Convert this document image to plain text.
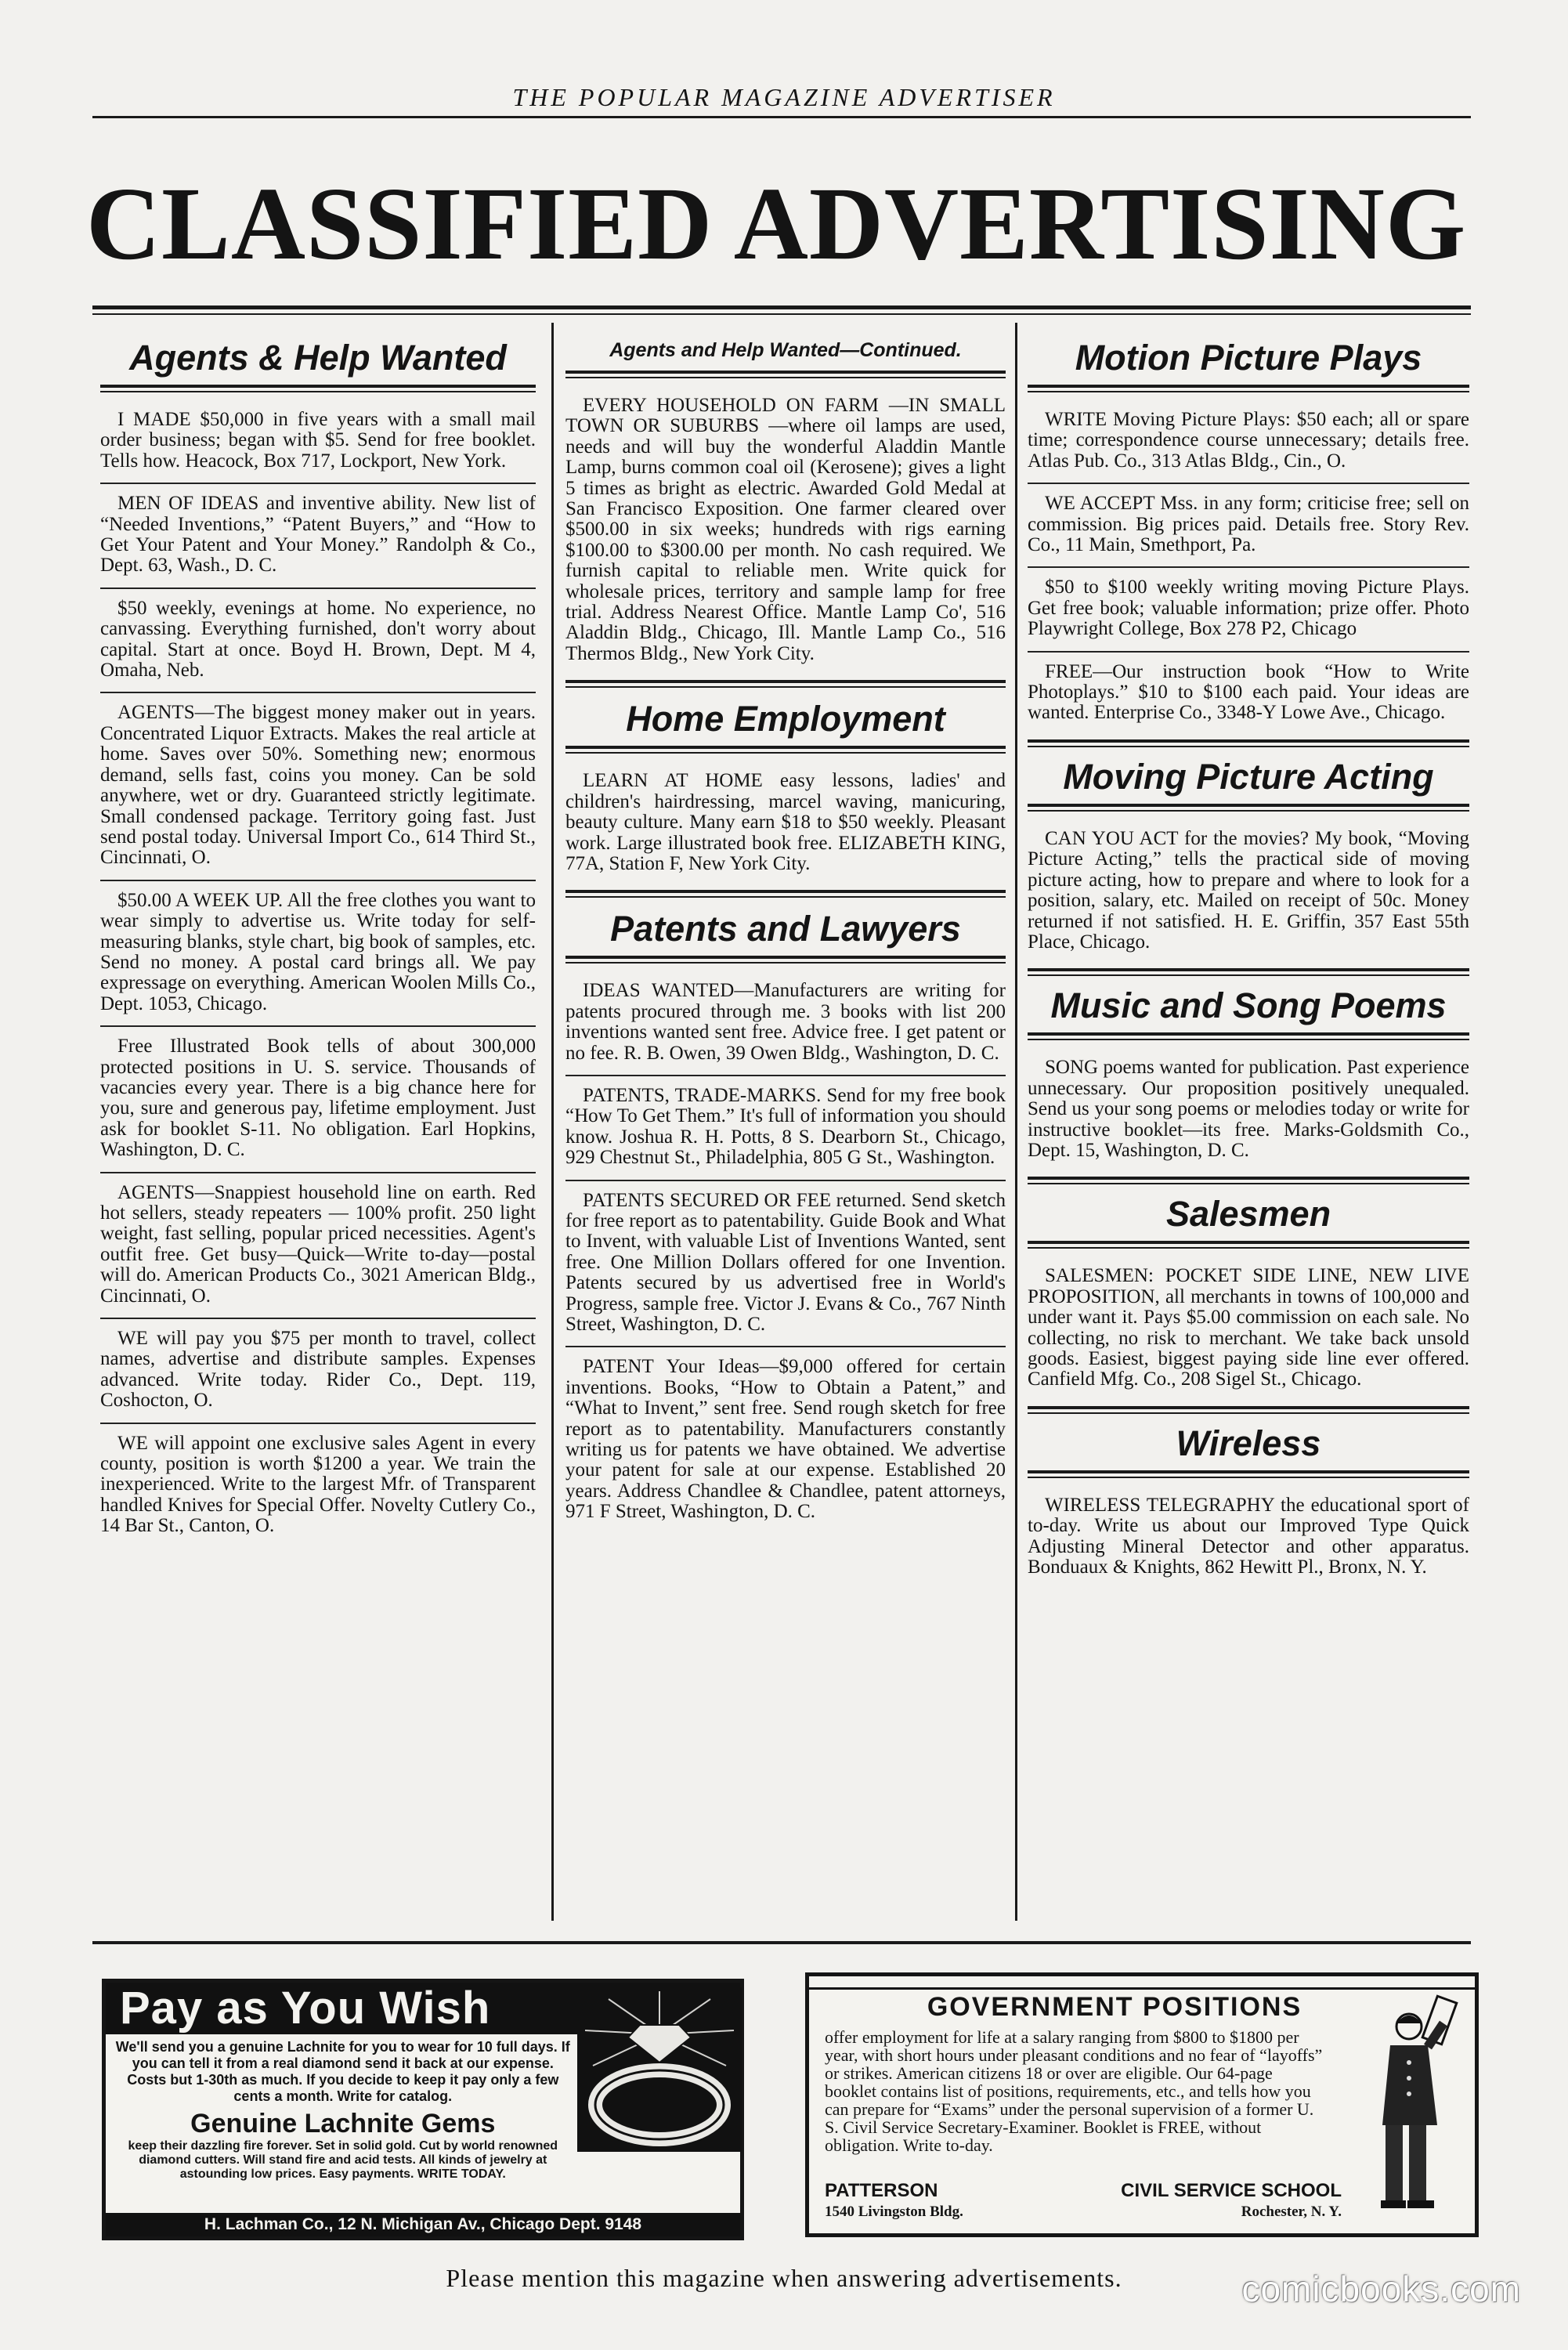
THE POPULAR MAGAZINE ADVERTISER
CLASSIFIED ADVERTISING
Agents & Help Wanted
I MADE $50,000 in five years with a small mail order business; began with $5. Send for free booklet. Tells how. Heacock, Box 717, Lockport, New York.
MEN OF IDEAS and inventive ability. New list of “Needed Inventions,” “Patent Buyers,” and “How to Get Your Patent and Your Money.” Randolph & Co., Dept. 63, Wash., D. C.
$50 weekly, evenings at home. No experience, no canvassing. Everything furnished, don't worry about capital. Start at once. Boyd H. Brown, Dept. M 4, Omaha, Neb.
AGENTS—The biggest money maker out in years. Concentrated Liquor Extracts. Makes the real article at home. Saves over 50%. Something new; enormous demand, sells fast, coins you money. Can be sold anywhere, wet or dry. Guaranteed strictly legitimate. Small condensed package. Territory going fast. Just send postal today. Universal Import Co., 614 Third St., Cincinnati, O.
$50.00 A WEEK UP. All the free clothes you want to wear simply to advertise us. Write today for self-measuring blanks, style chart, big book of samples, etc. Send no money. A postal card brings all. We pay expressage on everything. American Woolen Mills Co., Dept. 1053, Chicago.
Free Illustrated Book tells of about 300,000 protected positions in U. S. service. Thousands of vacancies every year. There is a big chance here for you, sure and generous pay, lifetime employment. Just ask for booklet S-11. No obligation. Earl Hopkins, Washington, D. C.
AGENTS—Snappiest household line on earth. Red hot sellers, steady repeaters — 100% profit. 250 light weight, fast selling, popular priced necessities. Agent's outfit free. Get busy—Quick—Write to-day—postal will do. American Products Co., 3021 American Bldg., Cincinnati, O.
WE will pay you $75 per month to travel, collect names, advertise and distribute samples. Expenses advanced. Write today. Rider Co., Dept. 119, Coshocton, O.
WE will appoint one exclusive sales Agent in every county, position is worth $1200 a year. We train the inexperienced. Write to the largest Mfr. of Transparent handled Knives for Special Offer. Novelty Cutlery Co., 14 Bar St., Canton, O.
Agents and Help Wanted—Continued.
EVERY HOUSEHOLD ON FARM —IN SMALL TOWN OR SUBURBS —where oil lamps are used, needs and will buy the wonderful Aladdin Mantle Lamp, burns common coal oil (Kerosene); gives a light 5 times as bright as electric. Awarded Gold Medal at San Francisco Exposition. One farmer cleared over $500.00 in six weeks; hundreds with rigs earning $100.00 to $300.00 per month. No cash required. We furnish capital to reliable men. Write quick for wholesale prices, territory and sample lamp for free trial. Address Nearest Office. Mantle Lamp Co', 516 Aladdin Bldg., Chicago, Ill. Mantle Lamp Co., 516 Thermos Bldg., New York City.
Home Employment
LEARN AT HOME easy lessons, ladies' and children's hairdressing, marcel waving, manicuring, beauty culture. Many earn $18 to $50 weekly. Pleasant work. Large illustrated book free. ELIZABETH KING, 77A, Station F, New York City.
Patents and Lawyers
IDEAS WANTED—Manufacturers are writing for patents procured through me. 3 books with list 200 inventions wanted sent free. Advice free. I get patent or no fee. R. B. Owen, 39 Owen Bldg., Washington, D. C.
PATENTS, TRADE-MARKS. Send for my free book “How To Get Them.” It's full of information you should know. Joshua R. H. Potts, 8 S. Dearborn St., Chicago, 929 Chestnut St., Philadelphia, 805 G St., Washington.
PATENTS SECURED OR FEE returned. Send sketch for free report as to patentability. Guide Book and What to Invent, with valuable List of Inventions Wanted, sent free. One Million Dollars offered for one Invention. Patents secured by us advertised free in World's Progress, sample free. Victor J. Evans & Co., 767 Ninth Street, Washington, D. C.
PATENT Your Ideas—$9,000 offered for certain inventions. Books, “How to Obtain a Patent,” and “What to Invent,” sent free. Send rough sketch for free report as to patentability. Manufacturers constantly writing us for patents we have obtained. We advertise your patent for sale at our expense. Established 20 years. Address Chandlee & Chandlee, patent attorneys, 971 F Street, Washington, D. C.
Motion Picture Plays
WRITE Moving Picture Plays: $50 each; all or spare time; correspondence course unnecessary; details free. Atlas Pub. Co., 313 Atlas Bldg., Cin., O.
WE ACCEPT Mss. in any form; criticise free; sell on commission. Big prices paid. Details free. Story Rev. Co., 11 Main, Smethport, Pa.
$50 to $100 weekly writing moving Picture Plays. Get free book; valuable information; prize offer. Photo Playwright College, Box 278 P2, Chicago
FREE—Our instruction book “How to Write Photoplays.” $10 to $100 each paid. Your ideas are wanted. Enterprise Co., 3348-Y Lowe Ave., Chicago.
Moving Picture Acting
CAN YOU ACT for the movies? My book, “Moving Picture Acting,” tells the practical side of moving picture acting, how to prepare and where to look for a position, salary, etc. Mailed on receipt of 50c. Money returned if not satisfied. H. E. Griffin, 357 East 55th Place, Chicago.
Music and Song Poems
SONG poems wanted for publication. Past experience unnecessary. Our proposition positively unequaled. Send us your song poems or melodies today or write for instructive booklet—its free. Marks-Goldsmith Co., Dept. 15, Washington, D. C.
Salesmen
SALESMEN: POCKET SIDE LINE, NEW LIVE PROPOSITION, all merchants in towns of 100,000 and under want it. Pays $5.00 commission on each sale. No collecting, no risk to merchant. We take back unsold goods. Easiest, biggest paying side line ever offered. Canfield Mfg. Co., 208 Sigel St., Chicago.
Wireless
WIRELESS TELEGRAPHY the educational sport of to-day. Write us about our Improved Type Quick Adjusting Mineral Detector and other apparatus. Bonduaux & Knights, 862 Hewitt Pl., Bronx, N. Y.
Pay as You Wish
We'll send you a genuine Lachnite for you to wear for 10 full days. If you can tell it from a real diamond send it back at our expense. Costs but 1-30th as much. If you decide to keep it pay only a few cents a month. Write for catalog.
Genuine Lachnite Gems
keep their dazzling fire forever. Set in solid gold. Cut by world renowned diamond cutters. Will stand fire and acid tests. All kinds of jewelry at astounding low prices. Easy payments. WRITE TODAY.
H. Lachman Co., 12 N. Michigan Av., Chicago Dept. 9148
GOVERNMENT POSITIONS
offer employment for life at a salary ranging from $800 to $1800 per year, with short hours under pleasant conditions and no fear of “layoffs” or strikes. American citizens 18 or over are eligible. Our 64-page booklet contains list of positions, requirements, etc., and tells how you can prepare for “Exams” under the personal supervision of a former U. S. Civil Service Secretary-Examiner. Booklet is FREE, without obligation. Write to-day.
PATTERSON	CIVIL SERVICE SCHOOL
1540 Livingston Bldg.	Rochester, N. Y.
Please mention this magazine when answering advertisements.	comicbooks.com
